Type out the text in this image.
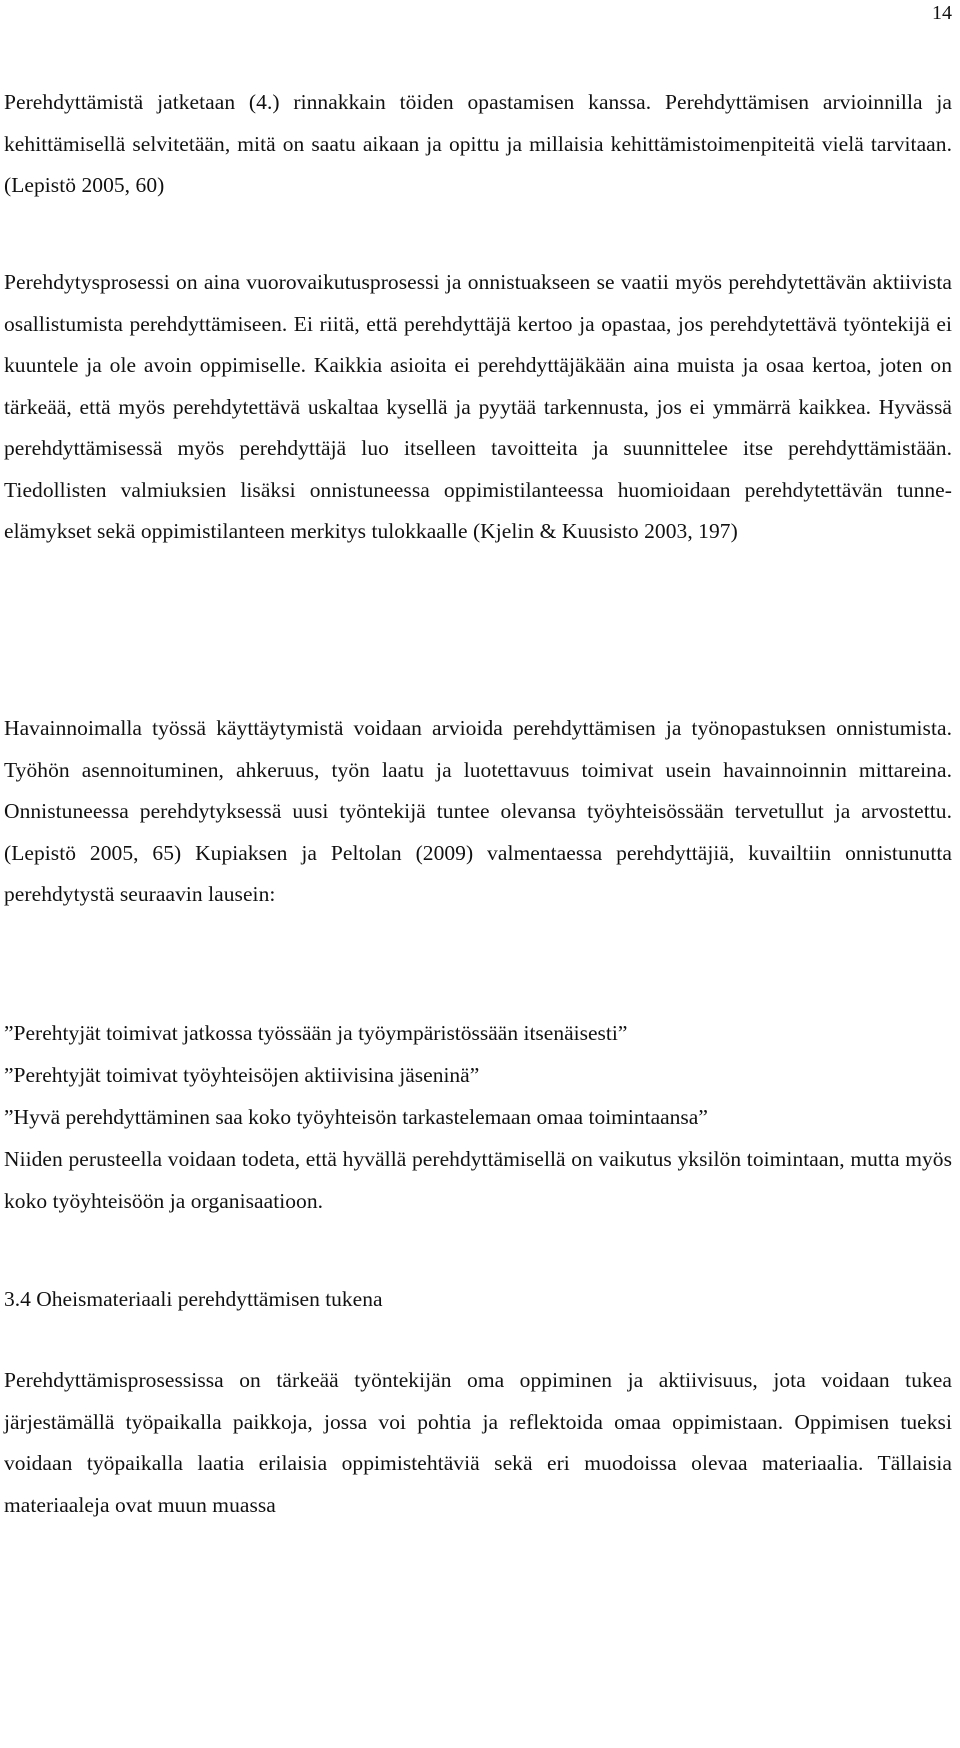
14

Perehdyttämistä jatketaan (4.) rinnakkain töiden opastamisen kanssa. Perehdyttämisen arvioinnilla ja kehittämisellä selvitetään, mitä on saatu aikaan ja opittu ja millaisia kehittämistoimenpiteitä vielä tarvitaan. (Lepistö 2005, 60)

Perehdytysprosessi on aina vuorovaikutusprosessi ja onnistuakseen se vaatii myös perehdytettävän aktiivista osallistumista perehdyttämiseen. Ei riitä, että perehdyttäjä kertoo ja opastaa, jos perehdytettävä työntekijä ei kuuntele ja ole avoin oppimiselle. Kaikkia asioita ei perehdyttäjäkään aina muista ja osaa kertoa, joten on tärkeää, että myös perehdytettävä uskaltaa kysellä ja pyytää tarkennusta, jos ei ymmärrä kaikkea. Hyvässä perehdyttämisessä myös perehdyttäjä luo itselleen tavoitteita ja suunnittelee itse perehdyttämistään. Tiedollisten valmiuksien lisäksi onnistuneessa oppimistilanteessa huomioidaan perehdytettävän tunne-elämykset sekä oppimistilanteen merkitys tulokkaalle (Kjelin & Kuusisto 2003, 197)

Havainnoimalla työssä käyttäytymistä voidaan arvioida perehdyttämisen ja työnopastuksen onnistumista. Työhön asennoituminen, ahkeruus, työn laatu ja luotettavuus toimivat usein havainnoinnin mittareina. Onnistuneessa perehdytyksessä uusi työntekijä tuntee olevansa työyhteisössään tervetullut ja arvostettu. (Lepistö 2005, 65) Kupiaksen ja Peltolan (2009) valmentaessa perehdyttäjiä, kuvailtiin onnistunutta perehdytystä seuraavin lausein:

”Perehtyjät toimivat jatkossa työssään ja työympäristössään itsenäisesti”

”Perehtyjät toimivat työyhteisöjen aktiivisina jäseninä”

”Hyvä perehdyttäminen saa koko työyhteisön tarkastelemaan omaa toimintaansa”

Niiden perusteella voidaan todeta, että hyvällä perehdyttämisellä on vaikutus yksilön toimintaan, mutta myös koko työyhteisöön ja organisaatioon.

3.4 Oheismateriaali perehdyttämisen tukena

Perehdyttämisprosessissa on tärkeää työntekijän oma oppiminen ja aktiivisuus, jota voidaan tukea järjestämällä työpaikalla paikkoja, jossa voi pohtia ja reflektoida omaa oppimistaan. Oppimisen tueksi voidaan työpaikalla laatia erilaisia oppimistehtäviä sekä eri muodoissa olevaa materiaalia. Tällaisia materiaaleja ovat muun muassa
